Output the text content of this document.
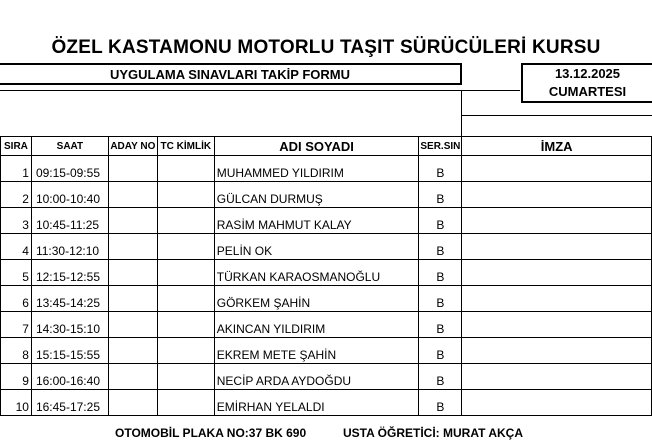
ÖZEL KASTAMONU MOTORLU TAŞIT SÜRÜCÜLERİ KURSU
UYGULAMA SINAVLARI TAKİP FORMU	13.12.2025
CUMARTESI
SIRA	SAAT	ADAY NO	TC KİMLİK	ADI SOYADI	SER.SIN	İMZA
1	09:15-09:55			MUHAMMED YILDIRIM	B	
2	10:00-10:40			GÜLCAN DURMUŞ	B	
3	10:45-11:25			RASİM MAHMUT KALAY	B	
4	11:30-12:10			PELİN OK	B	
5	12:15-12:55			TÜRKAN KARAOSMANOĞLU	B	
6	13:45-14:25			GÖRKEM ŞAHİN	B	
7	14:30-15:10			AKINCAN YILDIRIM	B	
8	15:15-15:55			EKREM METE ŞAHİN	B	
9	16:00-16:40			NECİP ARDA AYDOĞDU	B	
10	16:45-17:25			EMİRHAN YELALDI	B	
OTOMOBİL PLAKA NO:37 BK 690	USTA ÖĞRETİCİ: MURAT AKÇA
